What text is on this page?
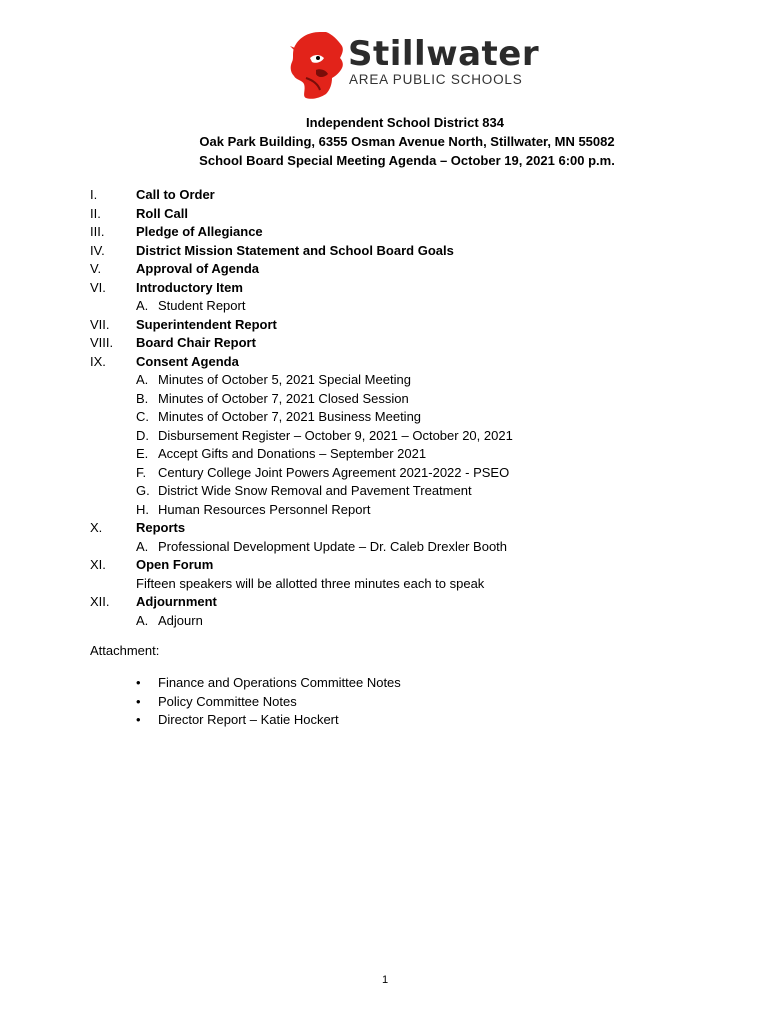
Stillwater
AREA PUBLIC SCHOOLS
Independent School District 834
Oak Park Building, 6355 Osman Avenue North, Stillwater, MN 55082
School Board Special Meeting Agenda – October 19, 2021 6:00 p.m.
I.	Call to Order
II.	Roll Call
III. Pledge of Allegiance
IV. District Mission Statement and School Board Goals
V.	Approval of Agenda
VI. Introductory Item
A. Student Report
VII. Superintendent Report
VIII. Board Chair Report
IX. Consent Agenda
A. Minutes of October 5, 2021 Special Meeting
B. Minutes of October 7, 2021 Closed Session
C. Minutes of October 7, 2021 Business Meeting
D. Disbursement Register – October 9, 2021 – October 20, 2021
E. Accept Gifts and Donations – September 2021
F. Century College Joint Powers Agreement 2021-2022 - PSEO
G. District Wide Snow Removal and Pavement Treatment
H. Human Resources Personnel Report
X.	Reports
A. Professional Development Update – Dr. Caleb Drexler Booth
XI. Open Forum
Fifteen speakers will be allotted three minutes each to speak
XII. Adjournment
A. Adjourn
Attachment:
• Finance and Operations Committee Notes
• Policy Committee Notes
• Director Report – Katie Hockert
1
